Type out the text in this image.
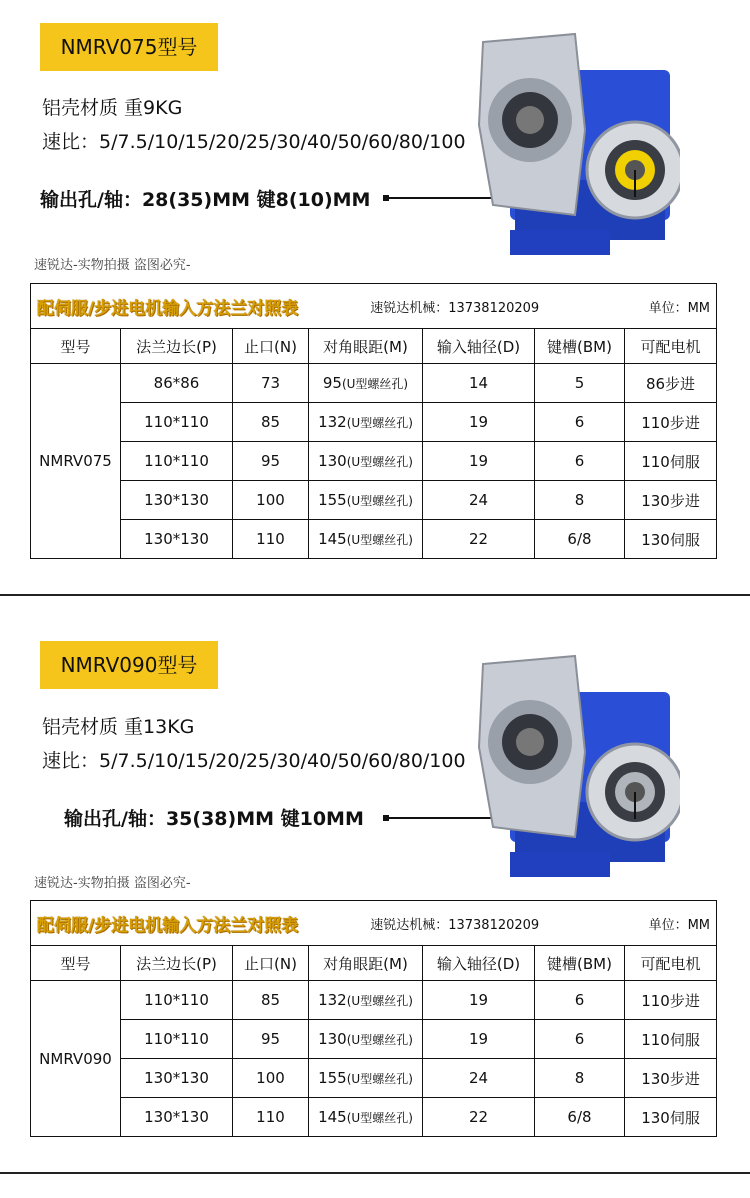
NMRV075型号
铝壳材质 重9KG
速比：5/7.5/10/15/20/25/30/40/50/60/80/100
输出孔/轴：28(35)MM 键8(10)MM
速锐达-实物拍摄 盗图必究-
配伺服/步进电机输入方法兰对照表 速锐达机械：13738120209 单位：MM						

型号	法兰边长(P)	止口(N)	对角眼距(M)	输入轴径(D)	键槽(BM)	可配电机
NMRV075	86*86	73	95(U型螺丝孔)	14	5	86步进
	110*110	85	132(U型螺丝孔)	19	6	110步进
	110*110	95	130(U型螺丝孔)	19	6	110伺服
	130*130	100	155(U型螺丝孔)	24	8	130步进
	130*130	110	145(U型螺丝孔)	22	6/8	130伺服
NMRV090型号
铝壳材质 重13KG
速比：5/7.5/10/15/20/25/30/40/50/60/80/100
输出孔/轴：35(38)MM 键10MM
速锐达-实物拍摄 盗图必究-
配伺服/步进电机输入方法兰对照表 速锐达机械：13738120209 单位：MM						

型号	法兰边长(P)	止口(N)	对角眼距(M)	输入轴径(D)	键槽(BM)	可配电机
NMRV090	110*110	85	132(U型螺丝孔)	19	6	110步进
	110*110	95	130(U型螺丝孔)	19	6	110伺服
	130*130	100	155(U型螺丝孔)	24	8	130步进
	130*130	110	145(U型螺丝孔)	22	6/8	130伺服
